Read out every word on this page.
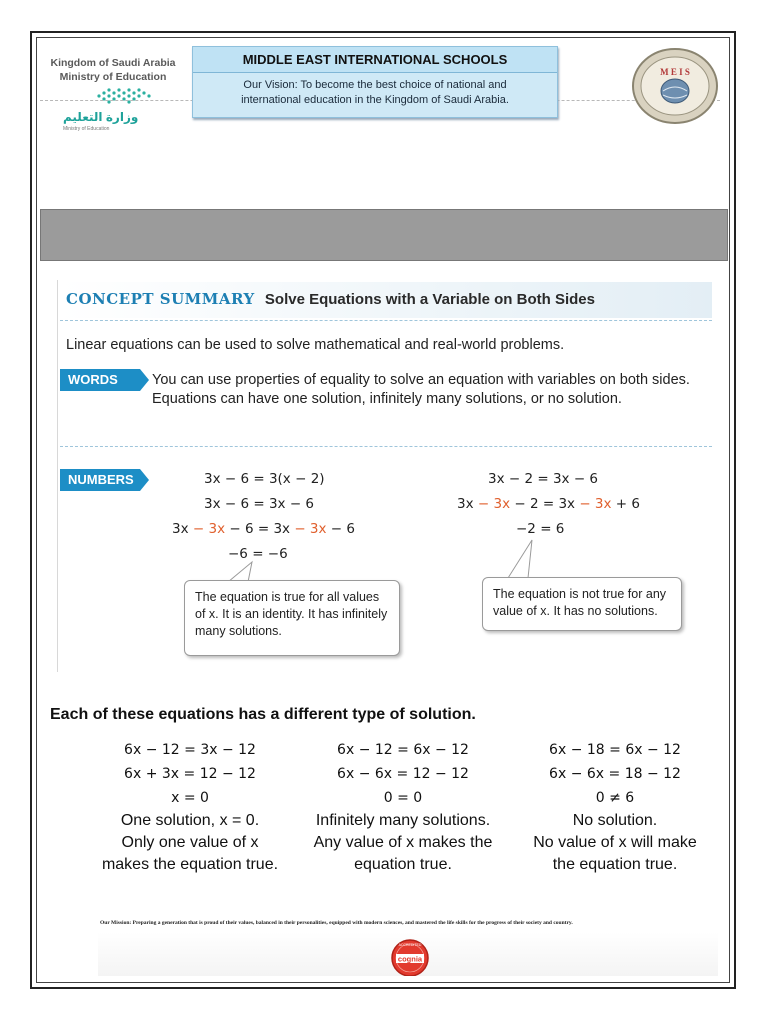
Kingdom of Saudi Arabia
Ministry of Education
وزارة التعليم
Ministry of Education
MIDDLE EAST INTERNATIONAL SCHOOLS
Our Vision: To become the best choice of national and
international education in the Kingdom of Saudi Arabia.
M E I S
CONCEPT SUMMARY Solve Equations with a Variable on Both Sides
Linear equations can be used to solve mathematical and real-world problems.
WORDS	You can use properties of equality to solve an equation with variables on both sides. Equations can have one solution, infinitely many solutions, or no solution.
NUMBERS	3x − 6 = 3(x − 2)
3x − 6 = 3x − 6
3x − 3x − 6 = 3x − 3x − 6
−6 = −6
3x − 2 = 3x − 6
3x − 3x − 2 = 3x − 3x + 6
−2 = 6
The equation is true for all values of x. It is an identity. It has infinitely many solutions.
The equation is not true for any value of x. It has no solutions.
Each of these equations has a different type of solution.
6x − 12 = 3x − 12
6x + 3x = 12 − 12
x = 0
One solution, x = 0.
Only one value of x
makes the equation true.
6x − 12 = 6x − 12
6x − 6x = 12 − 12
0 = 0
Infinitely many solutions.
Any value of x makes the
equation true.
6x − 18 = 6x − 12
6x − 6x = 18 − 12
0 ≠ 6
No solution.
No value of x will make
the equation true.
Our Mission: Preparing a generation that is proud of their values, balanced in their personalities, equipped with modern sciences, and mastered the life skills for the progress of their society and country.
ACCREDITED
cognia
